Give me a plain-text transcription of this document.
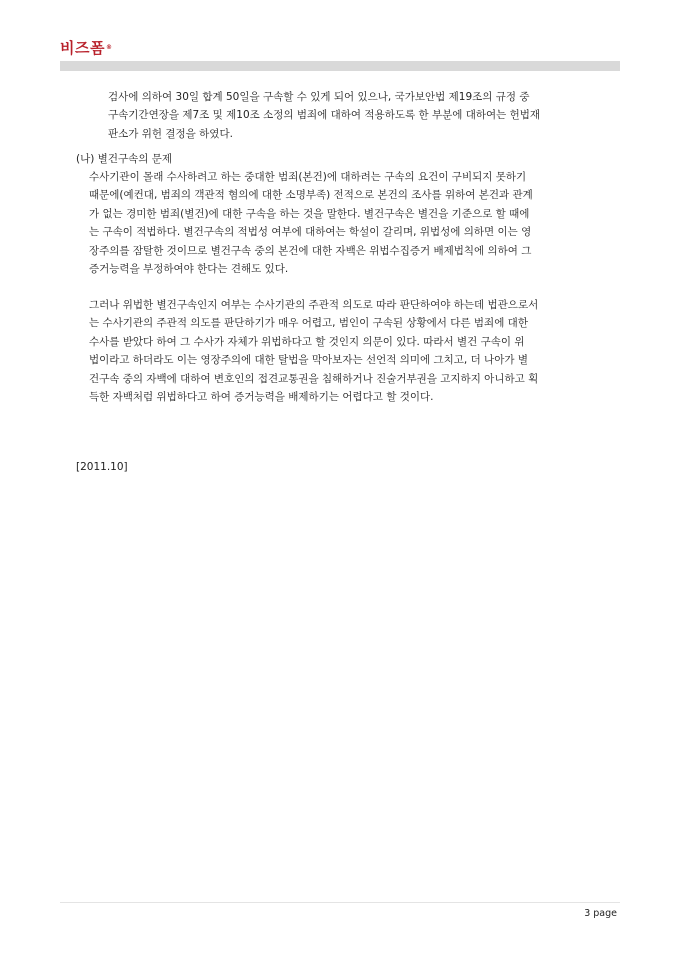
비즈폼®

검사에 의하여 30일 합계 50일을 구속할 수 있게 되어 있으나, 국가보안법 제19조의 규정 중
구속기간연장을 제7조 및 제10조 소정의 범죄에 대하여 적용하도록 한 부분에 대하여는 헌법재
판소가 위헌 결정을 하였다.

(나) 별건구속의 문제

수사기관이 몰래 수사하려고 하는 중대한 범죄(본건)에 대하려는 구속의 요건이 구비되지 못하기
때문에(예컨대, 범죄의 객관적 혐의에 대한 소명부족) 전적으로 본건의 조사를 위하여 본건과 관계
가 없는 경미한 범죄(별건)에 대한 구속을 하는 것을 말한다. 별건구속은 별건을 기준으로 할 때에
는 구속이 적법하다. 별건구속의 적법성 여부에 대하여는 학설이 갈리며, 위법성에 의하면 이는 영
장주의를 잠탈한 것이므로 별건구속 중의 본건에 대한 자백은 위법수집증거 배제법칙에 의하여 그
증거능력을 부정하여야 한다는 견해도 있다.

그러나 위법한 별건구속인지 여부는 수사기관의 주관적 의도로 따라 판단하여야 하는데 법관으로서
는 수사기관의 주관적 의도를 판단하기가 매우 어렵고, 범인이 구속된 상황에서 다른 범죄에 대한
수사를 받았다 하여 그 수사가 자체가 위법하다고 할 것인지 의문이 있다. 따라서 별건 구속이 위
법이라고 하더라도 이는 영장주의에 대한 탈법을 막아보자는 선언적 의미에 그치고, 더 나아가 별
건구속 중의 자백에 대하여 변호인의 접견교통권을 침해하거나 진술거부권을 고지하지 아니하고 획
득한 자백처럼 위법하다고 하여 증거능력을 배제하기는 어렵다고 할 것이다.

[2011.10]
3 page
